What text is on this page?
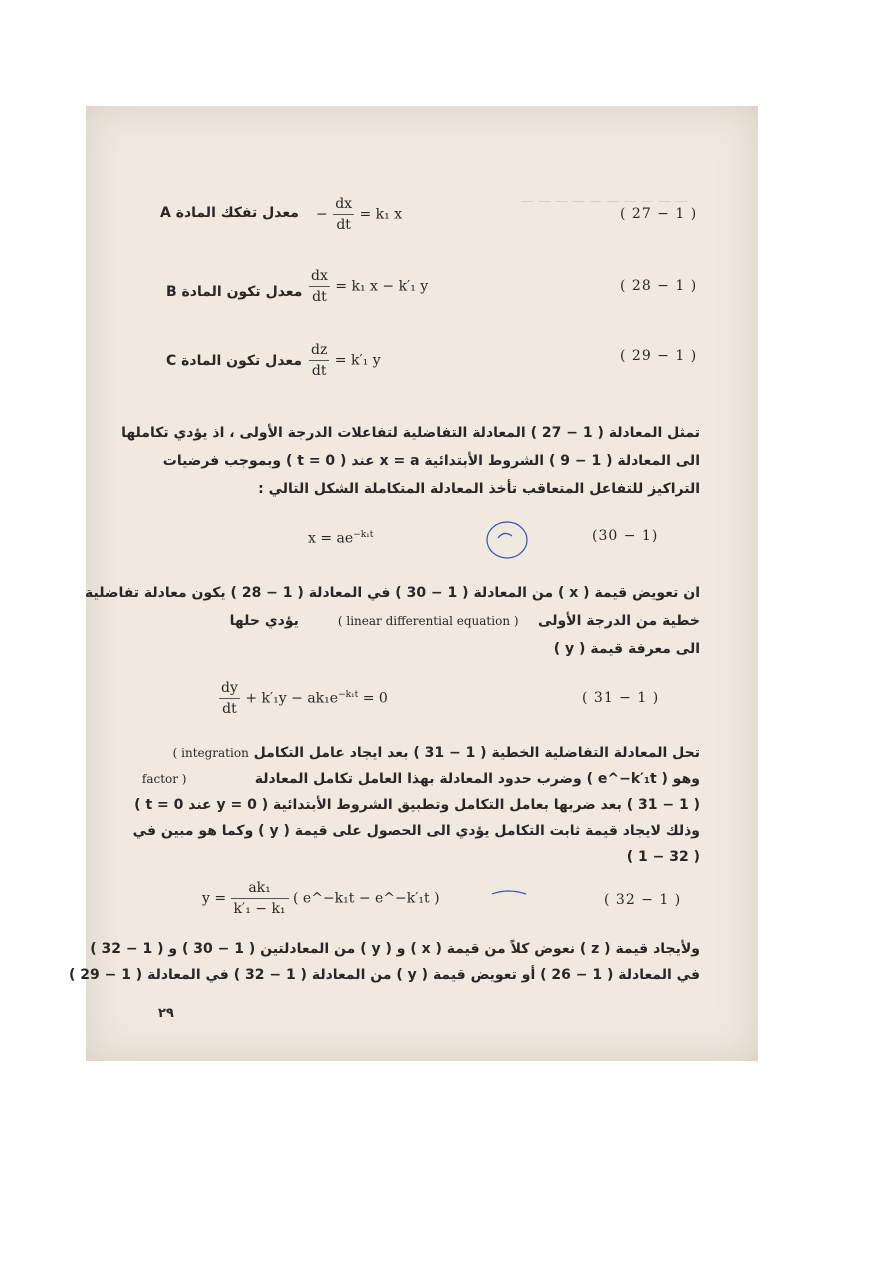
— — — — — — — — — —
( 27 − 1 )
− $\frac{dx}{dt} = k_1$ x
معدل تفكك المادة A
( 28 − 1 )
$\frac{dx}{dt} = k_1$ x − k′₁ y
معدل تكون المادة B
( 29 − 1 )
$\frac{dz}{dt} = k'_1$ y
معدل تكون المادة C
تمثل المعادلة ( 1 − 27 ) المعادلة التفاضلية لتفاعلات الدرجة الأولى ، اذ يؤدي تكاملها
الى المعادلة ( 1 − 9 ) الشروط الأبتدائية x = a عند ( t = 0 ) وبموجب فرضيات
التراكيز للتفاعل المتعاقب تأخذ المعادلة المتكاملة الشكل التالي :
(30 − 1)
$x = ae^{-k_1t}$
ان تعويض قيمة ( x ) من المعادلة ( 1 − 30 ) في المعادلة ( 1 − 28 ) يكون معادلة تفاضلية
خطية من الدرجة الأولى    ( linear differential equation )        يؤدي حلها
الى معرفة قيمة ( y )
( 31 − 1 )
$\frac{dy}{dt} + k'_1y - ak_1e^{-k_1t} = 0$
تحل المعادلة التفاضلية الخطية ( 1 − 31 ) بعد ايجاد عامل التكامل ( integration
وهو ( e^−k′₁t ) وضرب حدود المعادلة بهذا العامل تكامل المعادلة              factor )
( 1 − 31 ) بعد ضربها بعامل التكامل وتطبيق الشروط الأبتدائية ( y = 0 عند t = 0 )
وذلك لايجاد قيمة ثابت التكامل يؤدي الى الحصول على قيمة ( y ) وكما هو مبين في
( 32 − 1 )
( 32 − 1 )
$y = \frac{\text{ak₁}}{\text{k′₁ − k₁}}$ ( e^−k₁t − e^−k′₁t )
ولأيجاد قيمة ( z ) نعوض كلاً من قيمة ( x ) و ( y ) من المعادلتين ( 1 − 30 ) و ( 1 − 32 )
في المعادلة ( 1 − 26 ) أو تعويض قيمة ( y ) من المعادلة ( 1 − 32 ) في المعادلة ( 1 − 29 )
٢٩
